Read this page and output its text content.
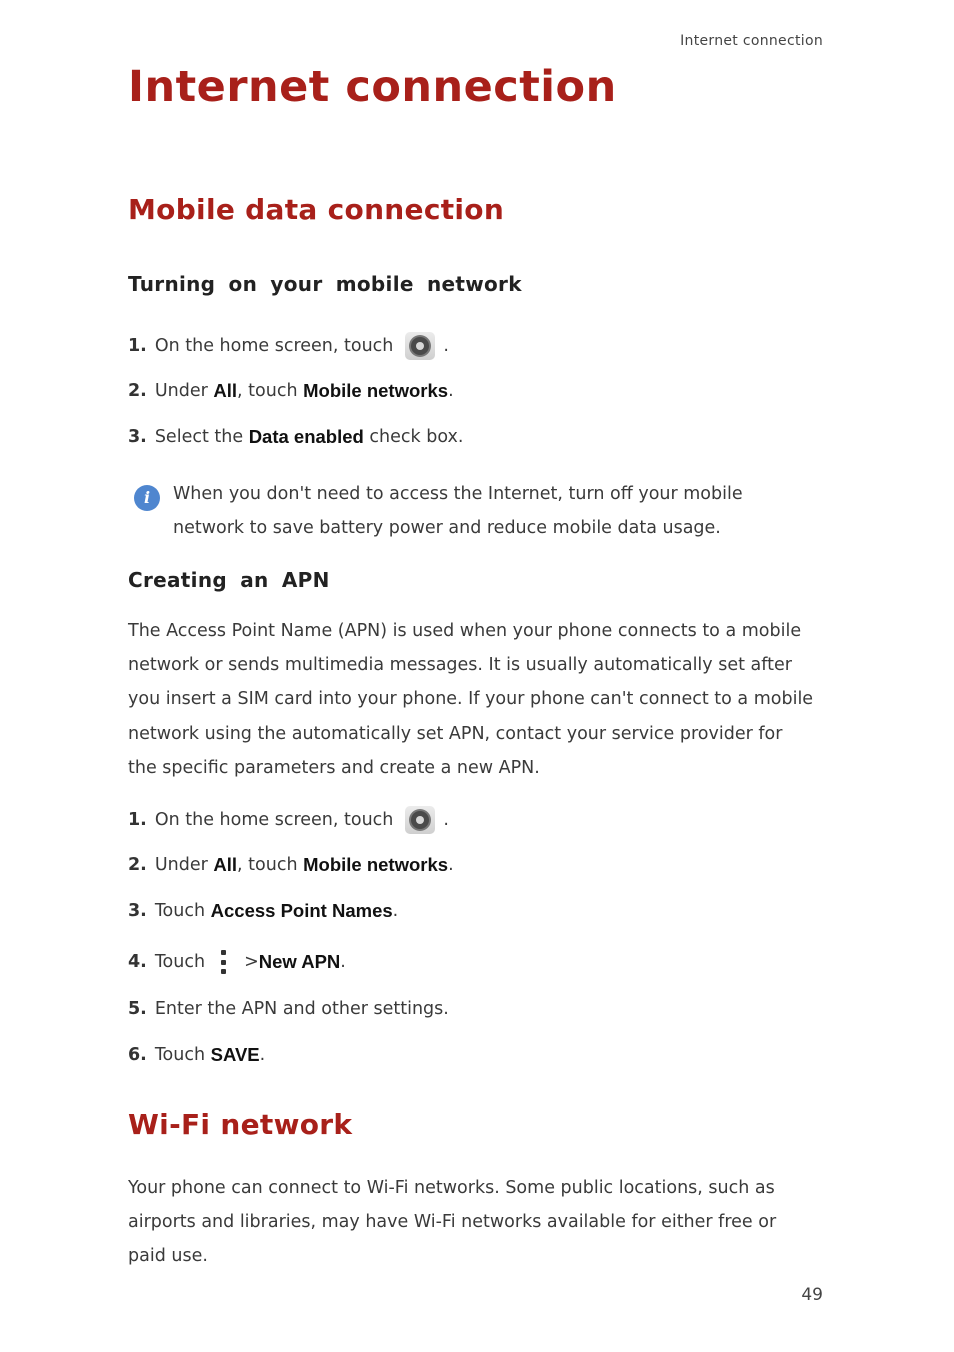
Internet connection
Internet connection
Mobile data connection
Turning on your mobile network
1. On the home screen, touch	.
2. Under
All , touch
Mobile networks .
3. Select the
Data enabled
check box.
i	When you don't need to access the Internet, turn off your mobile
network to save battery power and reduce mobile data usage.

Creating an APN

The Access Point Name (APN) is used when your phone connects to a mobile
network or sends multimedia messages. It is usually automatically set after
you insert a SIM card into your phone. If your phone can't connect to a mobile
network using the automatically set APN, contact your service provider for
the specific parameters and create a new APN.

1. On the home screen, touch	.
2. Under
All , touch
Mobile networks .
3. Touch
Access Point Names .
4. Touch > New APN .
5. Enter the APN and other settings.
6. Touch
SAVE .
Wi-Fi network

Your phone can connect to Wi-Fi networks. Some public locations, such as
airports and libraries, may have Wi-Fi networks available for either free or
paid use.

49
